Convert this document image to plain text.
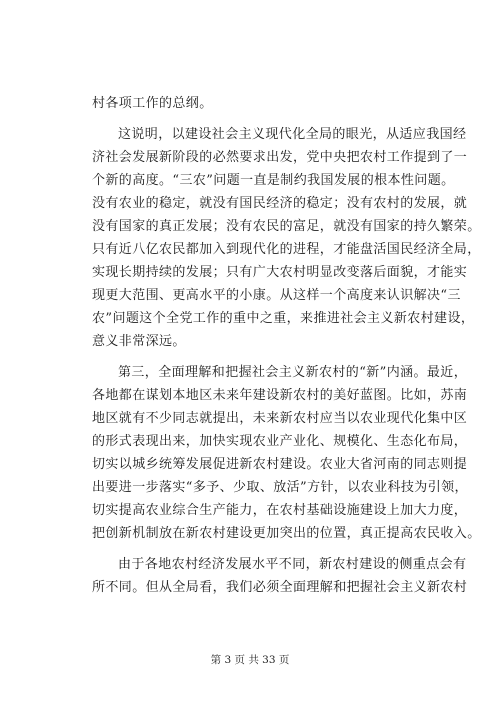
村各项工作的总纲。
这说明，以建设社会主义现代化全局的眼光，从适应我国经
济社会发展新阶段的必然要求出发，党中央把农村工作提到了一
个新的高度。“三农”问题一直是制约我国发展的根本性问题。
没有农业的稳定，就没有国民经济的稳定；没有农村的发展，就
没有国家的真正发展；没有农民的富足，就没有国家的持久繁荣。
只有近八亿农民都加入到现代化的进程，才能盘活国民经济全局，
实现长期持续的发展；只有广大农村明显改变落后面貌，才能实
现更大范围、更高水平的小康。从这样一个高度来认识解决“三
农”问题这个全党工作的重中之重，来推进社会主义新农村建设，
意义非常深远。
第三，全面理解和把握社会主义新农村的“新”内涵。最近，
各地都在谋划本地区未来年建设新农村的美好蓝图。比如，苏南
地区就有不少同志就提出，未来新农村应当以农业现代化集中区
的形式表现出来，加快实现农业产业化、规模化、生态化布局，
切实以城乡统筹发展促进新农村建设。农业大省河南的同志则提
出要进一步落实“多予、少取、放活”方针，以农业科技为引领，
切实提高农业综合生产能力，在农村基础设施建设上加大力度，
把创新机制放在新农村建设更加突出的位置，真正提高农民收入。
由于各地农村经济发展水平不同，新农村建设的侧重点会有
所不同。但从全局看，我们必须全面理解和把握社会主义新农村
第 3 页 共 33 页
